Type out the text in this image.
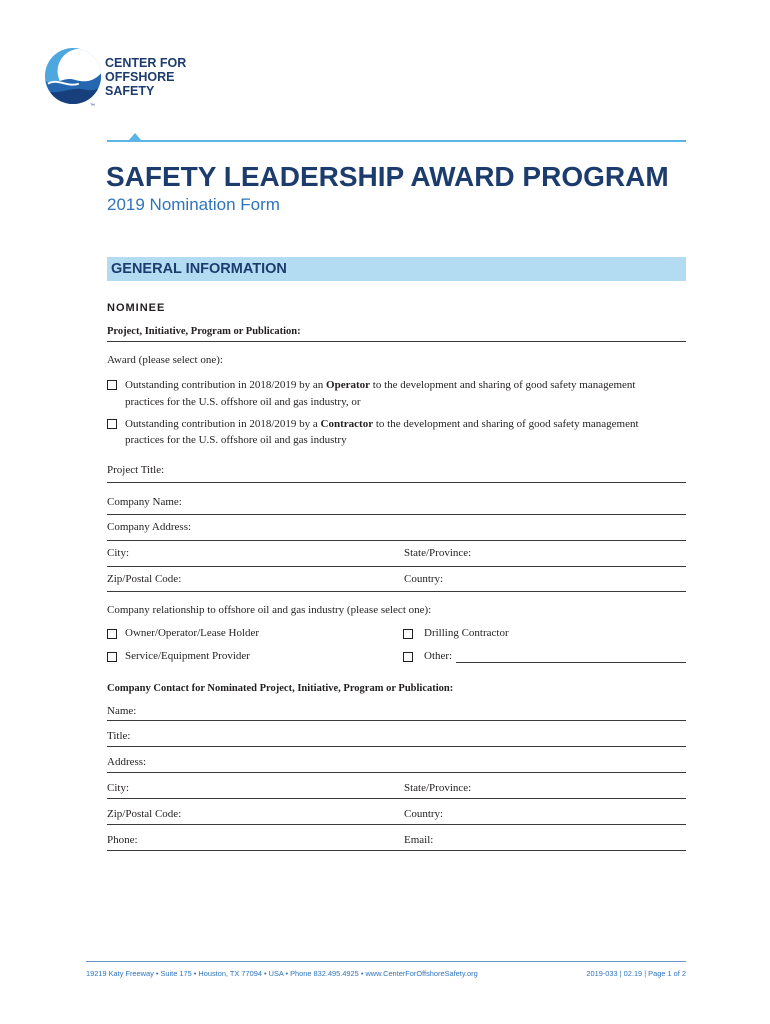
CENTER FOR
OFFSHORE
SAFETY
™
SAFETY LEADERSHIP AWARD PROGRAM
2019 Nomination Form
GENERAL INFORMATION
NOMINEE
Project, Initiative, Program or Publication:
Award (please select one):
Outstanding contribution in 2018/2019 by an Operator to the development and sharing of good safety management
practices for the U.S. offshore oil and gas industry, or
Outstanding contribution in 2018/2019 by a Contractor to the development and sharing of good safety management
practices for the U.S. offshore oil and gas industry
Project Title:
Company Name:
Company Address:
City:	State/Province:
Zip/Postal Code:	Country:
Company relationship to offshore oil and gas industry (please select one):
Owner/Operator/Lease Holder	Drilling Contractor
Service/Equipment Provider	Other:
Company Contact for Nominated Project, Initiative, Program or Publication:
Name:
Title:
Address:
City:	State/Province:
Zip/Postal Code:	Country:
Phone:	Email:
19219 Katy Freeway • Suite 175 • Houston, TX 77094 • USA • Phone 832.495.4925 • www.CenterForOffshoreSafety.org	2019-033 | 02.19 | Page 1 of 2
